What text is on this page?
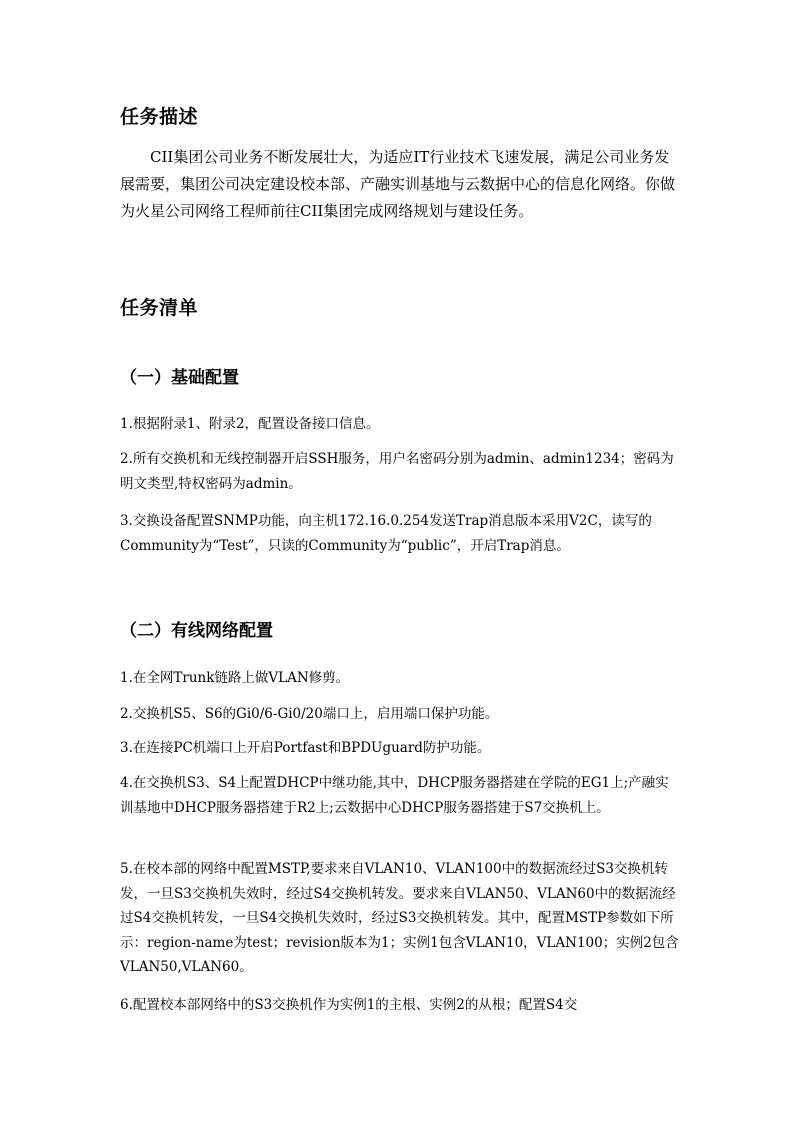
任务描述
CII集团公司业务不断发展壮大，为适应IT行业技术飞速发展，满足公司业务发展需要，集团公司决定建设校本部、产融实训基地与云数据中心的信息化网络。你做为火星公司网络工程师前往CII集团完成网络规划与建设任务。
任务清单
（一）基础配置
1.根据附录1、附录2，配置设备接口信息。
2.所有交换机和无线控制器开启SSH服务，用户名密码分别为admin、admin1234；密码为明文类型,特权密码为admin。
3.交换设备配置SNMP功能，向主机172.16.0.254发送Trap消息版本采用V2C，读写的Community为“Test”，只读的Community为“public”，开启Trap消息。
（二）有线网络配置
1.在全网Trunk链路上做VLAN修剪。
2.交换机S5、S6的Gi0/6-Gi0/20端口上，启用端口保护功能。
3.在连接PC机端口上开启Portfast和BPDUguard防护功能。
4.在交换机S3、S4上配置DHCP中继功能,其中，DHCP服务器搭建在学院的EG1上;产融实训基地中DHCP服务器搭建于R2上;云数据中心DHCP服务器搭建于S7交换机上。
5.在校本部的网络中配置MSTP,要求来自VLAN10、VLAN100中的数据流经过S3交换机转发，一旦S3交换机失效时，经过S4交换机转发。要求来自VLAN50、VLAN60中的数据流经过S4交换机转发，一旦S4交换机失效时，经过S3交换机转发。其中，配置MSTP参数如下所示：region-name为test；revision版本为1；实例1包含VLAN10，VLAN100；实例2包含VLAN50,VLAN60。
6.配置校本部网络中的S3交换机作为实例1的主根、实例2的从根；配置S4交
